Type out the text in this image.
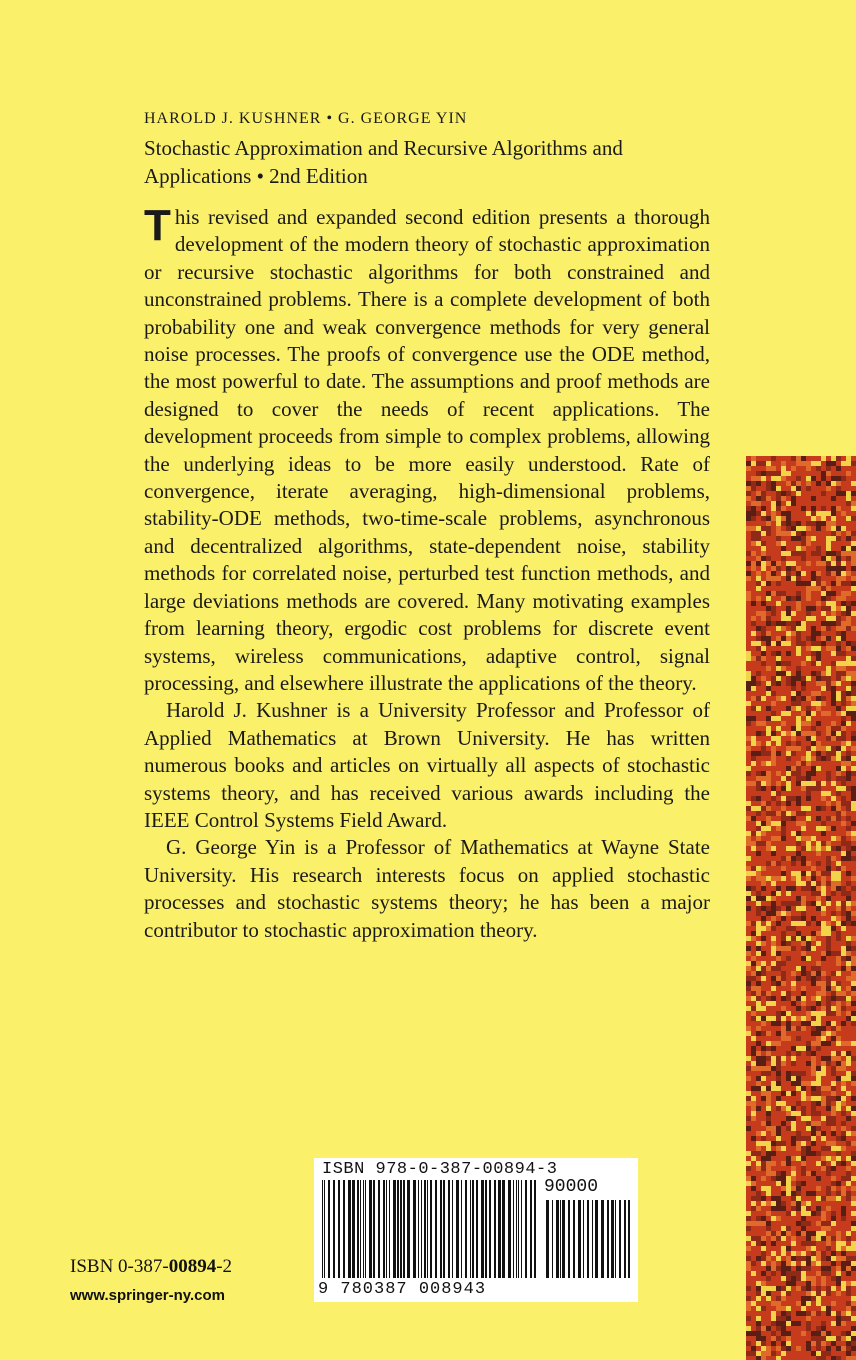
HAROLD J. KUSHNER • G. GEORGE YIN
Stochastic Approximation and Recursive Algorithms and Applications • 2nd Edition

This revised and expanded second edition presents a thorough development of the modern theory of stochastic approximation or recursive stochastic algorithms for both constrained and unconstrained problems. There is a complete development of both probability one and weak convergence methods for very general noise processes. The proofs of convergence use the ODE method, the most powerful to date. The assumptions and proof methods are designed to cover the needs of recent applications. The development proceeds from simple to complex problems, allowing the underlying ideas to be more easily understood. Rate of convergence, iterate averaging, high-dimensional problems, stability-ODE methods, two-time-scale problems, asynchronous and decentralized algorithms, state-dependent noise, stability methods for correlated noise, perturbed test function methods, and large deviations methods are covered. Many motivating examples from learning theory, ergodic cost problems for discrete event systems, wireless communications, adaptive control, signal processing, and elsewhere illustrate the applications of the theory.

Harold J. Kushner is a University Professor and Professor of Applied Mathematics at Brown University. He has written numerous books and articles on virtually all aspects of stochastic systems theory, and has received various awards including the IEEE Control Systems Field Award.

G. George Yin is a Professor of Mathematics at Wayne State University. His research interests focus on applied stochastic processes and stochastic systems theory; he has been a major contributor to stochastic approximation theory.

ISBN 978-0-387-00894-3
90000
9 780387 008943
ISBN 0-387-00894-2
www.springer-ny.com
